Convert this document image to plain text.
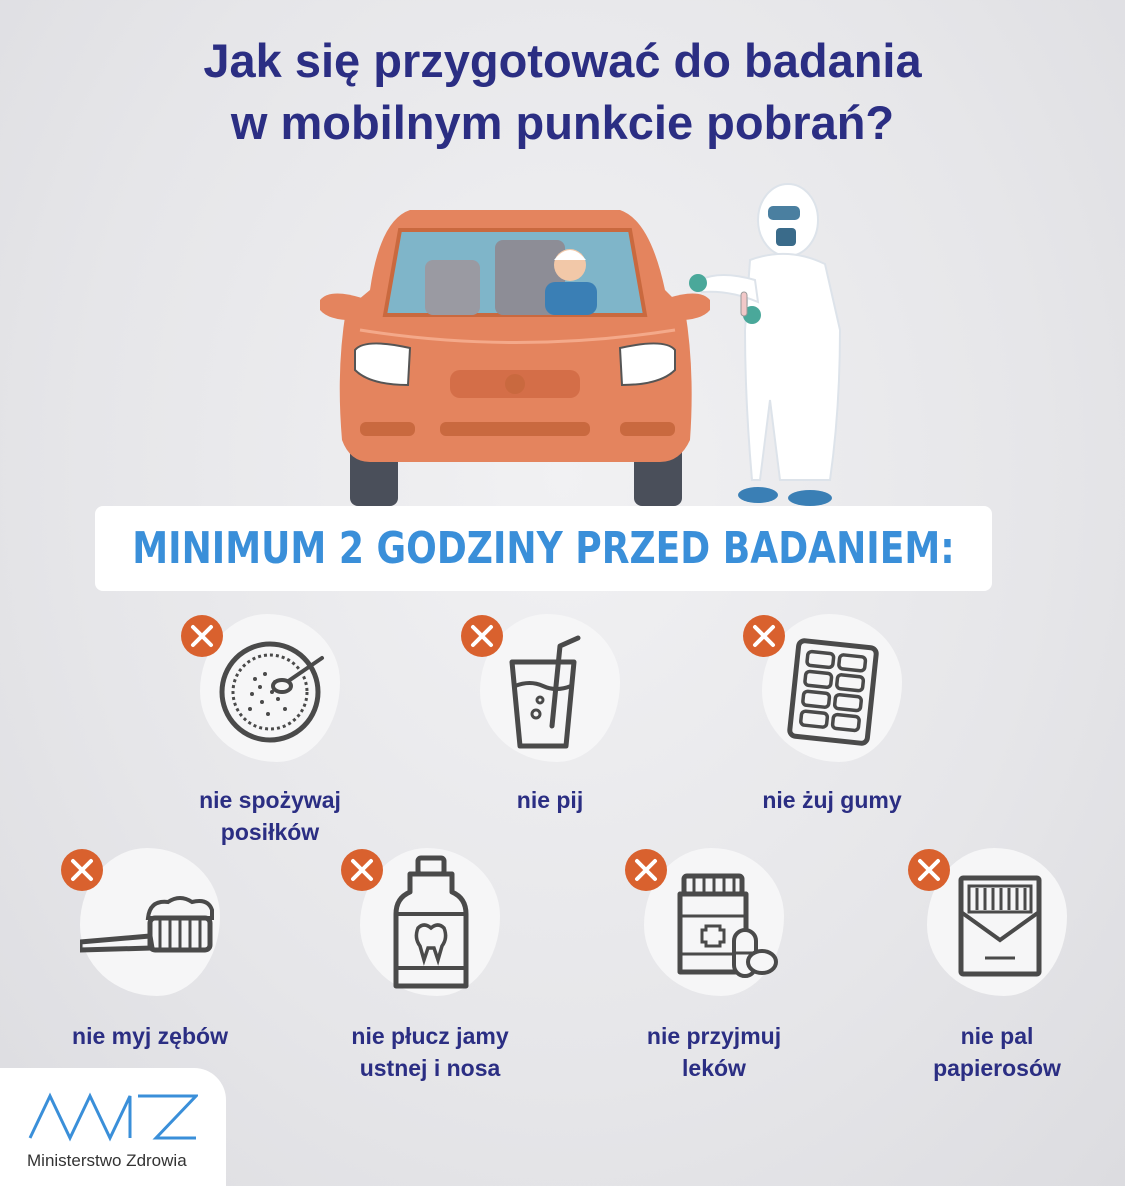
Jak się przygotować do badania
w mobilnym punkcie pobrań?
MINIMUM 2 GODZINY PRZED BADANIEM:
nie spożywaj
posiłków
nie pij	nie żuj gumy
nie myj zębów	nie płucz jamy
ustnej i nosa
nie przyjmuj
leków
nie pal
papierosów
Ministerstwo Zdrowia
